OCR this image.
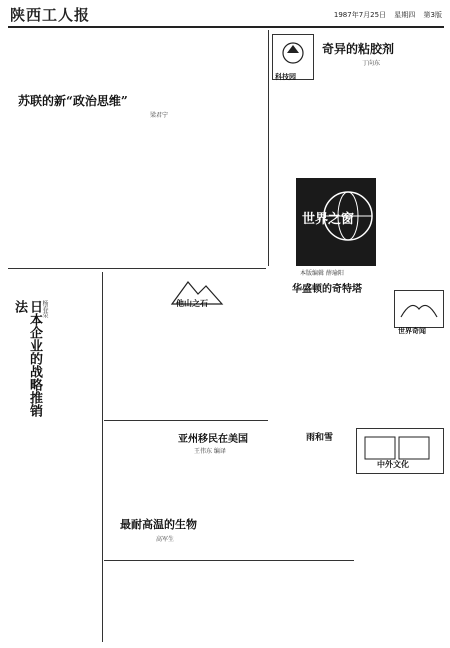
陕西工人报	1987年7月25日 星期四 第3版
苏联的新“政治思维”
梁君宁
科技园
奇异的粘胶剂
丁向东
世界之窗
本版编辑 薛瑜阳
日本企业的战略推销法	杨春荣	他山之石
华盛顿的奇特塔
世界奇闻
亚州移民在美国
王伟东 编译
雨和雪
中外文化
最耐高温的生物
高军生
